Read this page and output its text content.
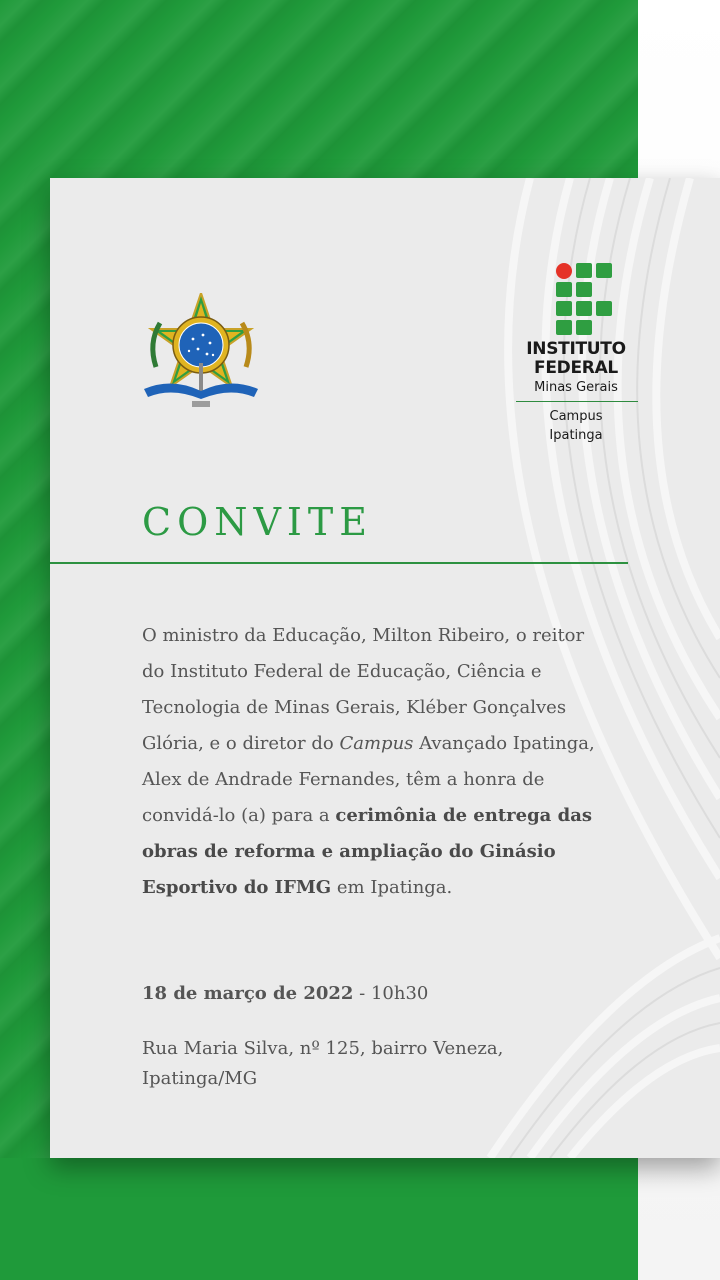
INSTITUTO
FEDERAL
Minas Gerais
Campus
Ipatinga
CONVITE
O ministro da Educação, Milton Ribeiro, o reitor do Instituto Federal de Educação, Ciência e Tecnologia de Minas Gerais, Kléber Gonçalves Glória, e o diretor do Campus Avançado Ipatinga, Alex de Andrade Fernandes, têm a honra de convidá-lo (a) para a cerimônia de entrega das obras de reforma e ampliação do Ginásio Esportivo do IFMG em Ipatinga.
18 de março de 2022 - 10h30
Rua Maria Silva, nº 125, bairro Veneza, Ipatinga/MG
